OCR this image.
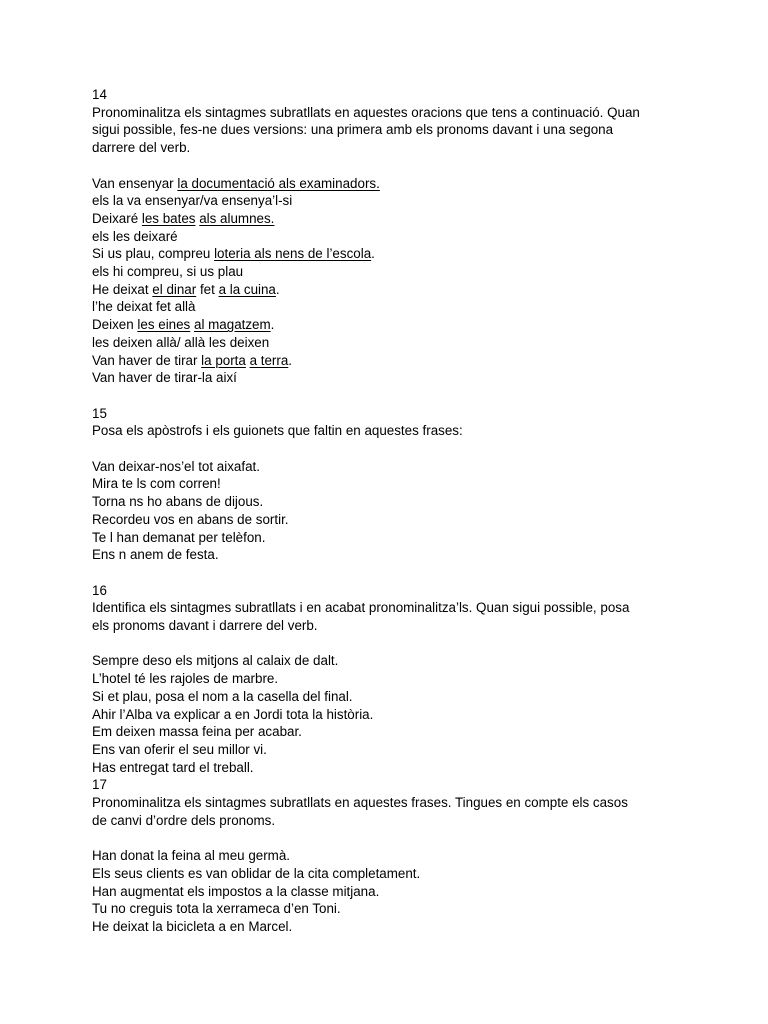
14
Pronominalitza els sintagmes subratllats en aquestes oracions que tens a continuació. Quan
sigui possible, fes-ne dues versions: una primera amb els pronoms davant i una segona
darrere del verb.
Van ensenyar la documentació als examinadors.
els la va ensenyar/va ensenya’l-si
Deixaré les bates als alumnes.
els les deixaré
Si us plau, compreu loteria als nens de l’escola.
els hi compreu, si us plau
He deixat el dinar fet a la cuina.
l’he deixat fet allà
Deixen les eines al magatzem.
les deixen allà/ allà les deixen
Van haver de tirar la porta a terra.
Van haver de tirar-la així
15
Posa els apòstrofs i els guionets que faltin en aquestes frases:
Van deixar-nos’el tot aixafat.
Mira te ls com corren!
Torna ns ho abans de dijous.
Recordeu vos en abans de sortir.
Te l han demanat per telèfon.
Ens n anem de festa.
16
Identifica els sintagmes subratllats i en acabat pronominalitza’ls. Quan sigui possible, posa
els pronoms davant i darrere del verb.
Sempre deso els mitjons al calaix de dalt.
L’hotel té les rajoles de marbre.
Si et plau, posa el nom a la casella del final.
Ahir l’Alba va explicar a en Jordi tota la història.
Em deixen massa feina per acabar.
Ens van oferir el seu millor vi.
Has entregat tard el treball.
17
Pronominalitza els sintagmes subratllats en aquestes frases. Tingues en compte els casos
de canvi d’ordre dels pronoms.
Han donat la feina al meu germà.
Els seus clients es van oblidar de la cita completament.
Han augmentat els impostos a la classe mitjana.
Tu no creguis tota la xerrameca d’en Toni.
He deixat la bicicleta a en Marcel.
